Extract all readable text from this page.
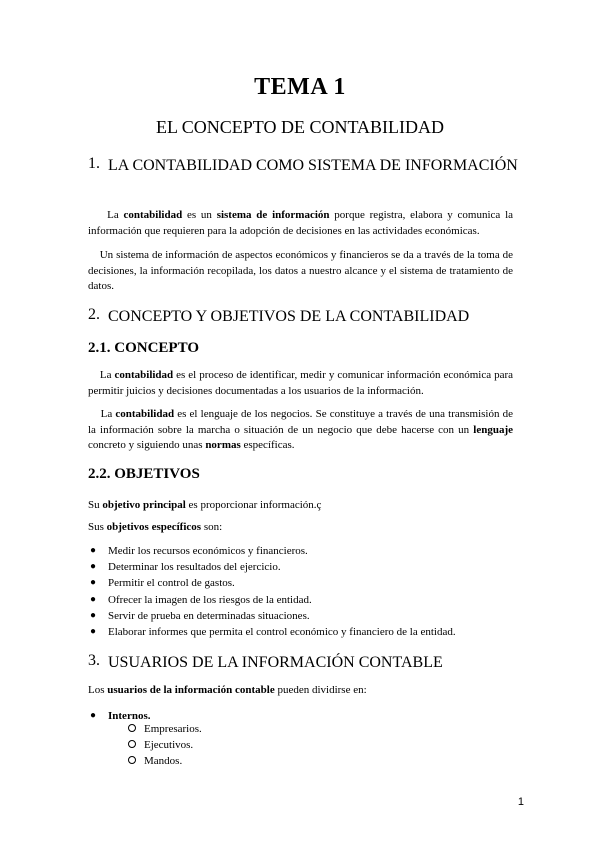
TEMA 1
EL CONCEPTO DE CONTABILIDAD
1. LA CONTABILIDAD COMO SISTEMA DE INFORMACIÓN

La contabilidad es un sistema de información porque registra, elabora y comunica la información que requieren para la adopción de decisiones en las actividades económicas.

Un sistema de información de aspectos económicos y financieros se da a través de la toma de decisiones, la información recopilada, los datos a nuestro alcance y el sistema de tratamiento de datos.

2. CONCEPTO Y OBJETIVOS DE LA CONTABILIDAD
2.1. CONCEPTO

La contabilidad es el proceso de identificar, medir y comunicar información económica para permitir juicios y decisiones documentadas a los usuarios de la información.

La contabilidad es el lenguaje de los negocios. Se constituye a través de una transmisión de la información sobre la marcha o situación de un negocio que debe hacerse con un lenguaje concreto y siguiendo unas normas específicas.

2.2. OBJETIVOS

Su objetivo principal es proporcionar información.ç

Sus objetivos específicos son:

● Medir los recursos económicos y financieros.
● Determinar los resultados del ejercicio.
● Permitir el control de gastos.
● Ofrecer la imagen de los riesgos de la entidad.
● Servir de prueba en determinadas situaciones.
● Elaborar informes que permita el control económico y financiero de la entidad.
3. USUARIOS DE LA INFORMACIÓN CONTABLE

Los usuarios de la información contable pueden dividirse en:

● Internos.
Empresarios.
Ejecutivos.
Mandos.
1
